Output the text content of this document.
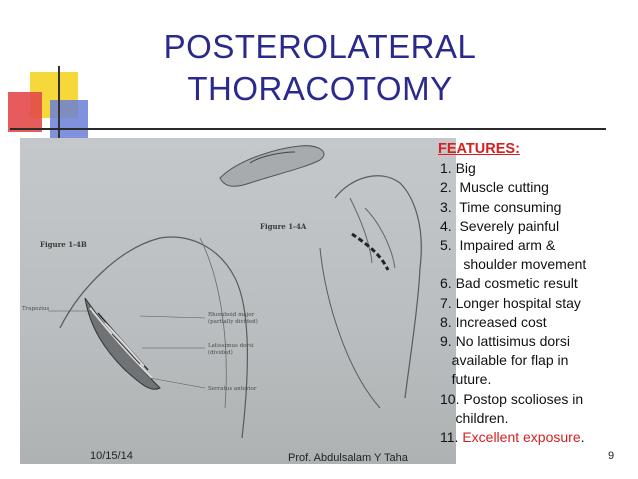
POSTEROLATERAL
THORACOTOMY
Figure 1-4A
Figure 1-4B
Trapezius
Rhomboid major
(partially divided)
Latissimus dorsi
(divided)
Serratus anterior
FEATURES:
1. Big
2.  Muscle cutting
3.  Time consuming
4.  Severely painful
5.  Impaired arm &
shoulder movement
6. Bad cosmetic result
7. Longer hospital stay
8. Increased cost
9. No lattisimus dorsi
available for flap in
future.
10. Postop scolioses in
children.
11. Excellent exposure.
10/15/14	Prof. Abdulsalam Y Taha	9
